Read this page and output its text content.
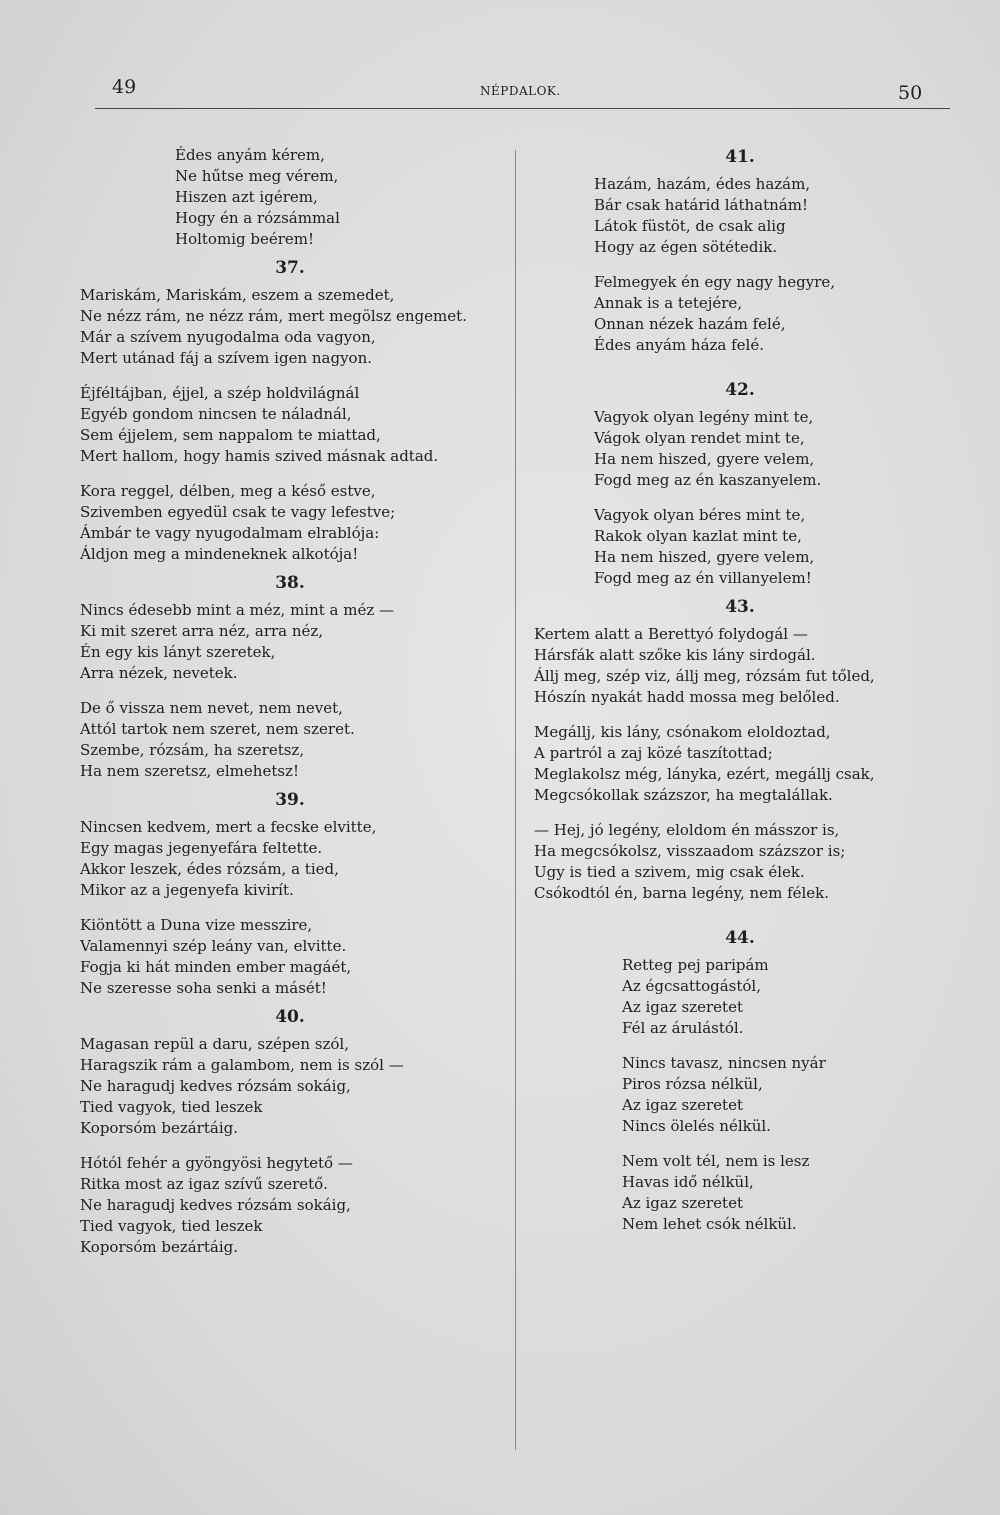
49	NÉPDALOK.	50
Édes anyám kérem,
Ne hűtse meg vérem,
Hiszen azt igérem,
Hogy én a rózsámmal
Holtomig beérem!
37.
Mariskám, Mariskám, eszem a szemedet,
Ne nézz rám, ne nézz rám, mert megölsz engemet.
Már a szívem nyugodalma oda vagyon,
Mert utánad fáj a szívem igen nagyon.
Éjféltájban, éjjel, a szép holdvilágnál
Egyéb gondom nincsen te náladnál,
Sem éjjelem, sem nappalom te miattad,
Mert hallom, hogy hamis szived másnak adtad.
Kora reggel, délben, meg a késő estve,
Szivemben egyedül csak te vagy lefestve;
Ámbár te vagy nyugodalmam elrablója:
Áldjon meg a mindeneknek alkotója!
38.
Nincs édesebb mint a méz, mint a méz —
Ki mit szeret arra néz, arra néz,
Én egy kis lányt szeretek,
Arra nézek, nevetek.
De ő vissza nem nevet, nem nevet,
Attól tartok nem szeret, nem szeret.
Szembe, rózsám, ha szeretsz,
Ha nem szeretsz, elmehetsz!
39.
Nincsen kedvem, mert a fecske elvitte,
Egy magas jegenyefára feltette.
Akkor leszek, édes rózsám, a tied,
Mikor az a jegenyefa kivirít.
Kiöntött a Duna vize messzire,
Valamennyi szép leány van, elvitte.
Fogja ki hát minden ember magáét,
Ne szeresse soha senki a másét!
40.
Magasan repül a daru, szépen szól,
Haragszik rám a galambom, nem is szól —
Ne haragudj kedves rózsám sokáig,
Tied vagyok, tied leszek
Koporsóm bezártáig.
Hótól fehér a gyöngyösi hegytető —
Ritka most az igaz szívű szerető.
Ne haragudj kedves rózsám sokáig,
Tied vagyok, tied leszek
Koporsóm bezártáig.
41.
Hazám, hazám, édes hazám,
Bár csak határid láthatnám!
Látok füstöt, de csak alig
Hogy az égen sötétedik.
Felmegyek én egy nagy hegyre,
Annak is a tetejére,
Onnan nézek hazám felé,
Édes anyám háza felé.
42.
Vagyok olyan legény mint te,
Vágok olyan rendet mint te,
Ha nem hiszed, gyere velem,
Fogd meg az én kaszanyelem.
Vagyok olyan béres mint te,
Rakok olyan kazlat mint te,
Ha nem hiszed, gyere velem,
Fogd meg az én villanyelem!
43.
Kertem alatt a Berettyó folydogál —
Hársfák alatt szőke kis lány sirdogál.
Állj meg, szép viz, állj meg, rózsám fut tőled,
Hószín nyakát hadd mossa meg belőled.
Megállj, kis lány, csónakom eloldoztad,
A partról a zaj közé taszítottad;
Meglakolsz még, lányka, ezért, megállj csak,
Megcsókollak százszor, ha megtalállak.
— Hej, jó legény, eloldom én másszor is,
Ha megcsókolsz, visszaadom százszor is;
Ugy is tied a szivem, mig csak élek.
Csókodtól én, barna legény, nem félek.
44.
Retteg pej paripám
Az égcsattogástól,
Az igaz szeretet
Fél az árulástól.
Nincs tavasz, nincsen nyár
Piros rózsa nélkül,
Az igaz szeretet
Nincs ölelés nélkül.
Nem volt tél, nem is lesz
Havas idő nélkül,
Az igaz szeretet
Nem lehet csók nélkül.
